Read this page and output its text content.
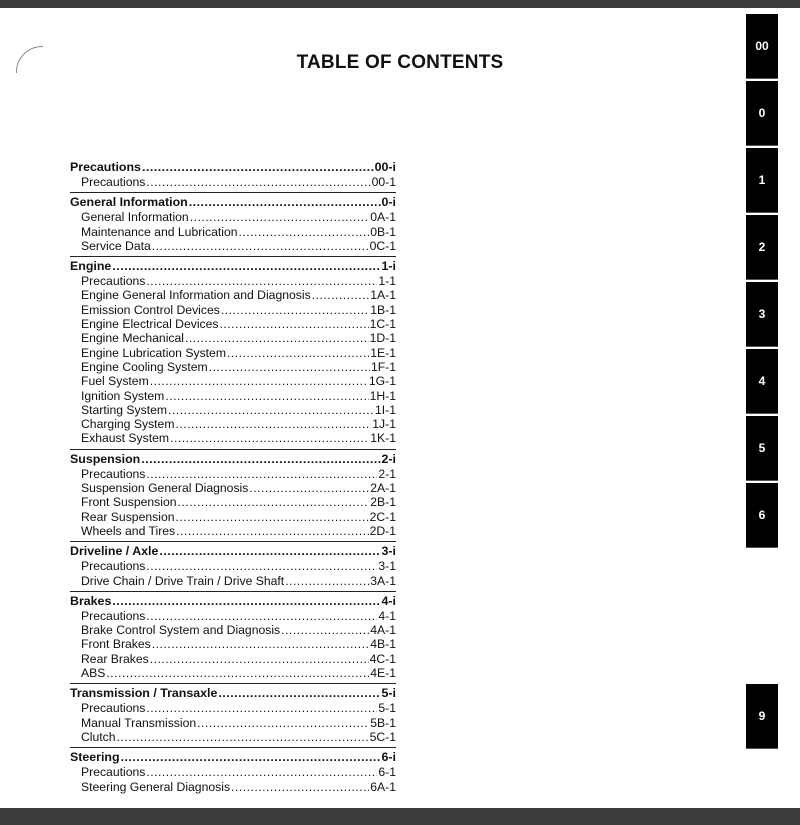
TABLE OF CONTENTS
Precautions .....	00-i
Precautions .....	00-1
General Information .....	0-i
General Information .....	0A-1
Maintenance and Lubrication .....	0B-1
Service Data .....	0C-1
Engine .....	1-i
Precautions .....	1-1
Engine General Information and Diagnosis .....	1A-1
Emission Control Devices .....	1B-1
Engine Electrical Devices .....	1C-1
Engine Mechanical .....	1D-1
Engine Lubrication System .....	1E-1
Engine Cooling System .....	1F-1
Fuel System .....	1G-1
Ignition System .....	1H-1
Starting System .....	1I-1
Charging System .....	1J-1
Exhaust System .....	1K-1
Suspension .....	2-i
Precautions .....	2-1
Suspension General Diagnosis .....	2A-1
Front Suspension .....	2B-1
Rear Suspension .....	2C-1
Wheels and Tires .....	2D-1
Driveline / Axle .....	3-i
Precautions .....	3-1
Drive Chain / Drive Train / Drive Shaft .....	3A-1
Brakes .....	4-i
Precautions .....	4-1
Brake Control System and Diagnosis .....	4A-1
Front Brakes .....	4B-1
Rear Brakes .....	4C-1
ABS .....	4E-1
Transmission / Transaxle .....	5-i
Precautions .....	5-1
Manual Transmission .....	5B-1
Clutch .....	5C-1
Steering .....	6-i
Precautions .....	6-1
Steering General Diagnosis .....	6A-1
00
0
1
2
3
4
5
6
9
